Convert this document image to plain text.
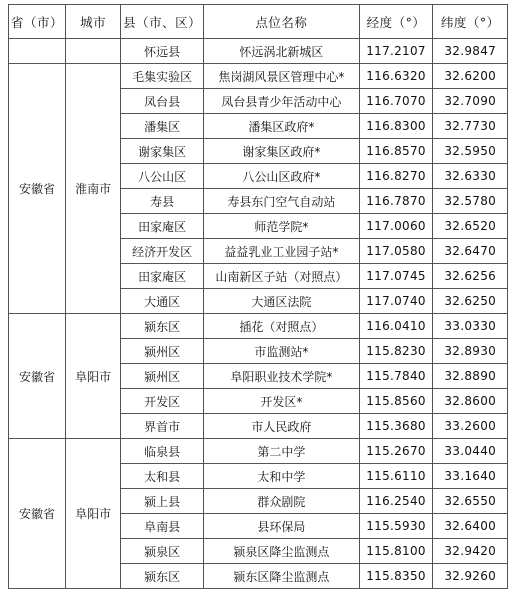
省（市）	城市	县（市、区）	点位名称	经度（°）	纬度（°）
		怀远县	怀远涡北新城区	117.2107	32.9847
安徽省	淮南市	毛集实验区	焦岗湖风景区管理中心*	116.6320	32.6200
		凤台县	凤台县青少年活动中心	116.7070	32.7090
		潘集区	潘集区政府*	116.8300	32.7730
		谢家集区	谢家集区政府*	116.8570	32.5950
		八公山区	八公山区政府*	116.8270	32.6330
		寿县	寿县东门空气自动站	116.7870	32.5780
		田家庵区	师范学院*	117.0060	32.6520
		经济开发区	益益乳业工业园子站*	117.0580	32.6470
		田家庵区	山南新区子站（对照点）	117.0745	32.6256
		大通区	大通区法院	117.0740	32.6250
安徽省	阜阳市	颍东区	插花（对照点）	116.0410	33.0330
		颍州区	市监测站*	115.8230	32.8930
		颍州区	阜阳职业技术学院*	115.7840	32.8890
		开发区	开发区*	115.8560	32.8600
		界首市	市人民政府	115.3680	33.2600
安徽省	阜阳市	临泉县	第二中学	115.2670	33.0440
		太和县	太和中学	115.6110	33.1640
		颍上县	群众剧院	116.2540	32.6550
		阜南县	县环保局	115.5930	32.6400
		颍泉区	颍泉区降尘监测点	115.8100	32.9420
		颍东区	颍东区降尘监测点	115.8350	32.9260
